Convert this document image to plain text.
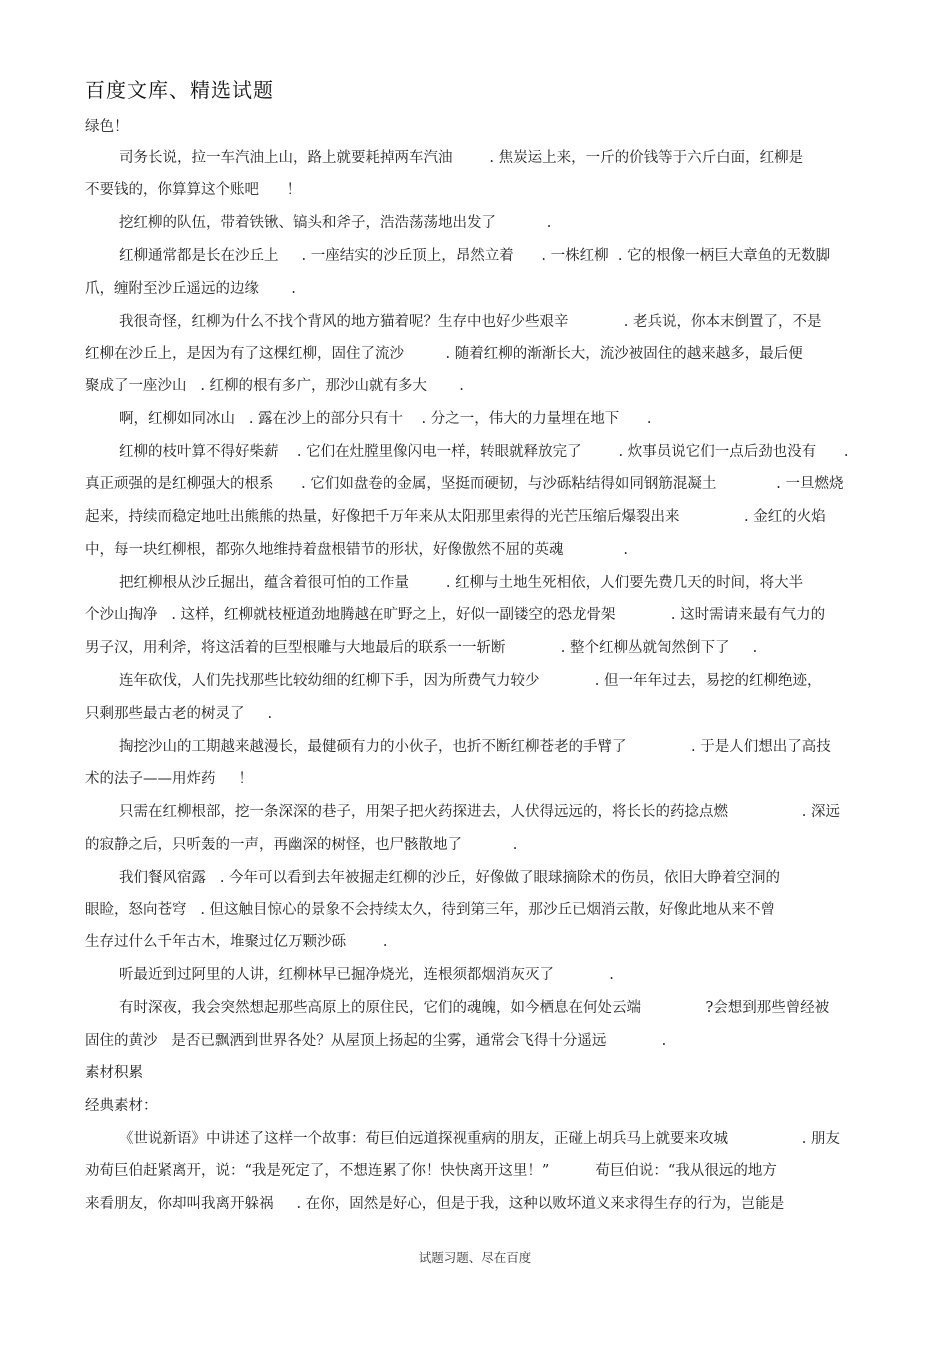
百度文库、精选试题
绿色！
司务长说，拉一车汽油上山，路上就要耗掉两车汽油        . 焦炭运上来，一斤的价钱等于六斤白面，红柳是
不要钱的，你算算这个账吧      ！
挖红柳的队伍，带着铁锹、镐头和斧子，浩浩荡荡地出发了           .
红柳通常都是长在沙丘上     . 一座结实的沙丘顶上，昂然立着      . 一株红柳  . 它的根像一柄巨大章鱼的无数脚
爪，缠附至沙丘遥远的边缘       .
我很奇怪，红柳为什么不找个背风的地方猫着呢？生存中也好少些艰辛            . 老兵说，你本末倒置了，不是
红柳在沙丘上，是因为有了这棵红柳，固住了流沙         . 随着红柳的渐渐长大，流沙被固住的越来越多，最后便
聚成了一座沙山   . 红柳的根有多广，那沙山就有多大       .
啊，红柳如同冰山   . 露在沙上的部分只有十    . 分之一，伟大的力量埋在地下      .
红柳的枝叶算不得好柴薪    . 它们在灶膛里像闪电一样，转眼就释放完了        . 炊事员说它们一点后劲也没有      .
真正顽强的是红柳强大的根系      . 它们如盘卷的金属，坚挺而硬韧，与沙砾粘结得如同钢筋混凝土             . 一旦燃烧
起来，持续而稳定地吐出熊熊的热量，好像把千万年来从太阳那里索得的光芒压缩后爆裂出来              . 金红的火焰
中，每一块红柳根，都弥久地维持着盘根错节的形状，好像傲然不屈的英魂             .
把红柳根从沙丘掘出，蕴含着很可怕的工作量        . 红柳与土地生死相依，人们要先费几天的时间，将大半
个沙山掏净   . 这样，红柳就枝桠道劲地腾越在旷野之上，好似一副镂空的恐龙骨架            . 这时需请来最有气力的
男子汉，用利斧，将这活着的巨型根雕与大地最后的联系一一斩断            . 整个红柳丛就訇然倒下了     .
连年砍伐，人们先找那些比较幼细的红柳下手，因为所费气力较少            . 但一年年过去，易挖的红柳绝迹，
只剩那些最古老的树灵了     .
掏挖沙山的工期越来越漫长，最健硕有力的小伙子，也折不断红柳苍老的手臂了              . 于是人们想出了高技
术的法子——用炸药     ！
只需在红柳根部，挖一条深深的巷子，用架子把火药探进去，人伏得远远的，将长长的药捻点燃                . 深远
的寂静之后，只听轰的一声，再幽深的树怪，也尸骸散地了           .
我们餐风宿露   . 今年可以看到去年被掘走红柳的沙丘，好像做了眼球摘除术的伤员，依旧大睁着空洞的
眼睑，怒向苍穹   . 但这触目惊心的景象不会持续太久，待到第三年，那沙丘已烟消云散，好像此地从来不曾
生存过什么千年古木，堆聚过亿万颗沙砾        .
听最近到过阿里的人讲，红柳林早已掘净烧光，连根须都烟消灰灭了            .
有时深夜，我会突然想起那些高原上的原住民，它们的魂魄，如今栖息在何处云端              ?会想到那些曾经被
固住的黄沙   是否已飘洒到世界各处？从屋顶上扬起的尘雾，通常会飞得十分遥远            .
素材积累
经典素材：
《世说新语》中讲述了这样一个故事：荀巨伯远道探视重病的朋友，正碰上胡兵马上就要来攻城                . 朋友
劝荀巨伯赶紧离开，说：“我是死定了，不想连累了你！快快离开这里！”          荀巨伯说：“我从很远的地方
来看朋友，你却叫我离开躲祸     . 在你，固然是好心，但是于我，这种以败坏道义来求得生存的行为，岂能是
试题习题、尽在百度
